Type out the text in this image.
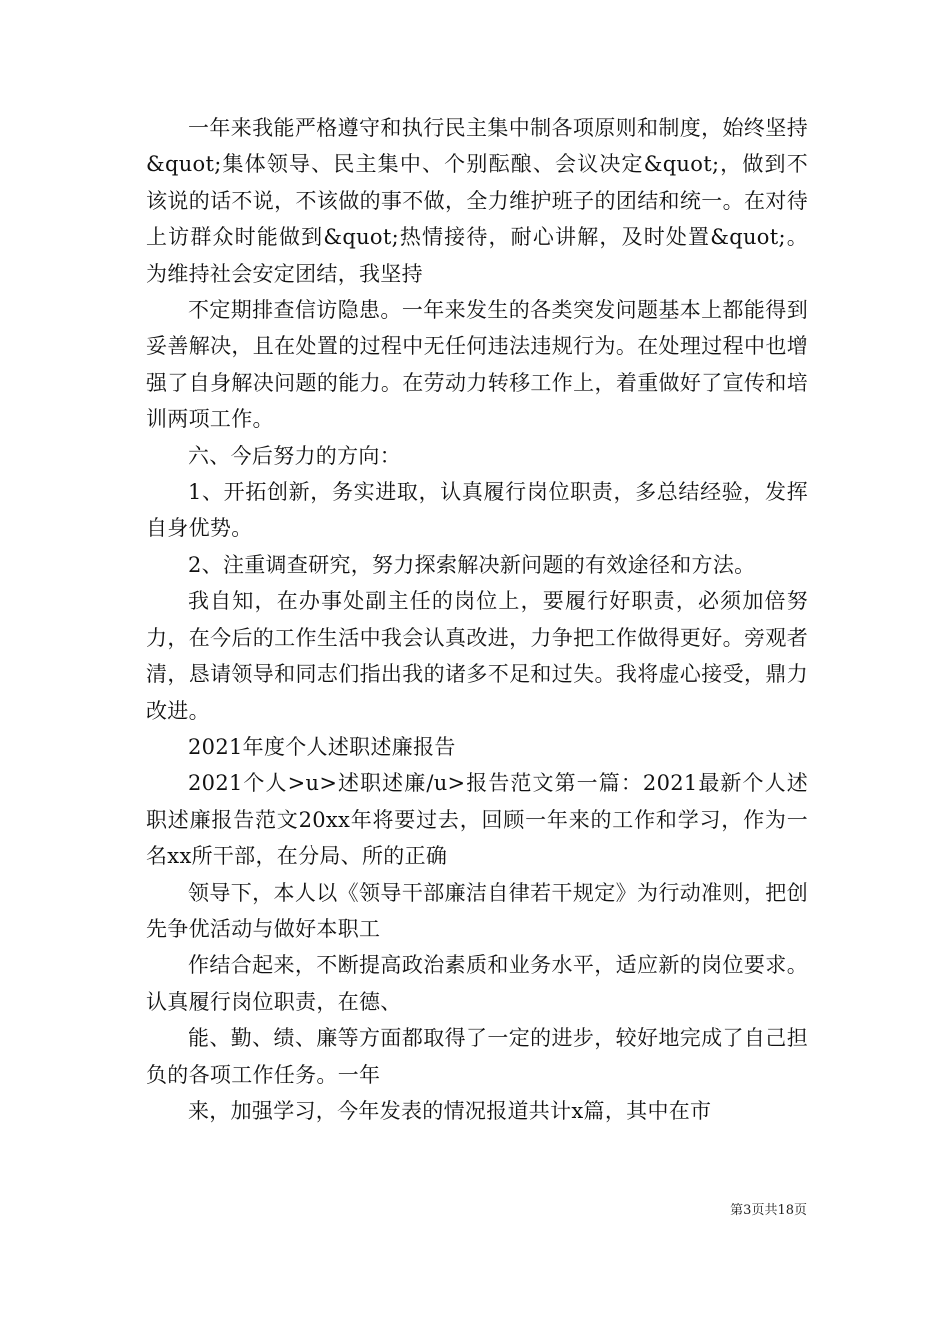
一年来我能严格遵守和执行民主集中制各项原则和制度，始终坚持&quot;集体领导、民主集中、个别酝酿、会议决定&quot;，做到不该说的话不说，不该做的事不做，全力维护班子的团结和统一。在对待上访群众时能做到&quot;热情接待，耐心讲解，及时处置&quot;。为维持社会安定团结，我坚持

不定期排查信访隐患。一年来发生的各类突发问题基本上都能得到妥善解决，且在处置的过程中无任何违法违规行为。在处理过程中也增强了自身解决问题的能力。在劳动力转移工作上，着重做好了宣传和培训两项工作。

六、今后努力的方向：

1、开拓创新，务实进取，认真履行岗位职责，多总结经验，发挥自身优势。

2、注重调查研究，努力探索解决新问题的有效途径和方法。

我自知，在办事处副主任的岗位上，要履行好职责，必须加倍努力，在今后的工作生活中我会认真改进，力争把工作做得更好。旁观者清，恳请领导和同志们指出我的诸多不足和过失。我将虚心接受，鼎力改进。

2021年度个人述职述廉报告

2021个人>u>述职述廉/u>报告范文第一篇：2021最新个人述职述廉报告范文20xx年将要过去，回顾一年来的工作和学习，作为一名xx所干部，在分局、所的正确

领导下，本人以《领导干部廉洁自律若干规定》为行动准则，把创先争优活动与做好本职工

作结合起来，不断提高政治素质和业务水平，适应新的岗位要求。认真履行岗位职责，在德、

能、勤、绩、廉等方面都取得了一定的进步，较好地完成了自己担负的各项工作任务。一年

来，加强学习，今年发表的情况报道共计x篇，其中在市

第3页共18页
